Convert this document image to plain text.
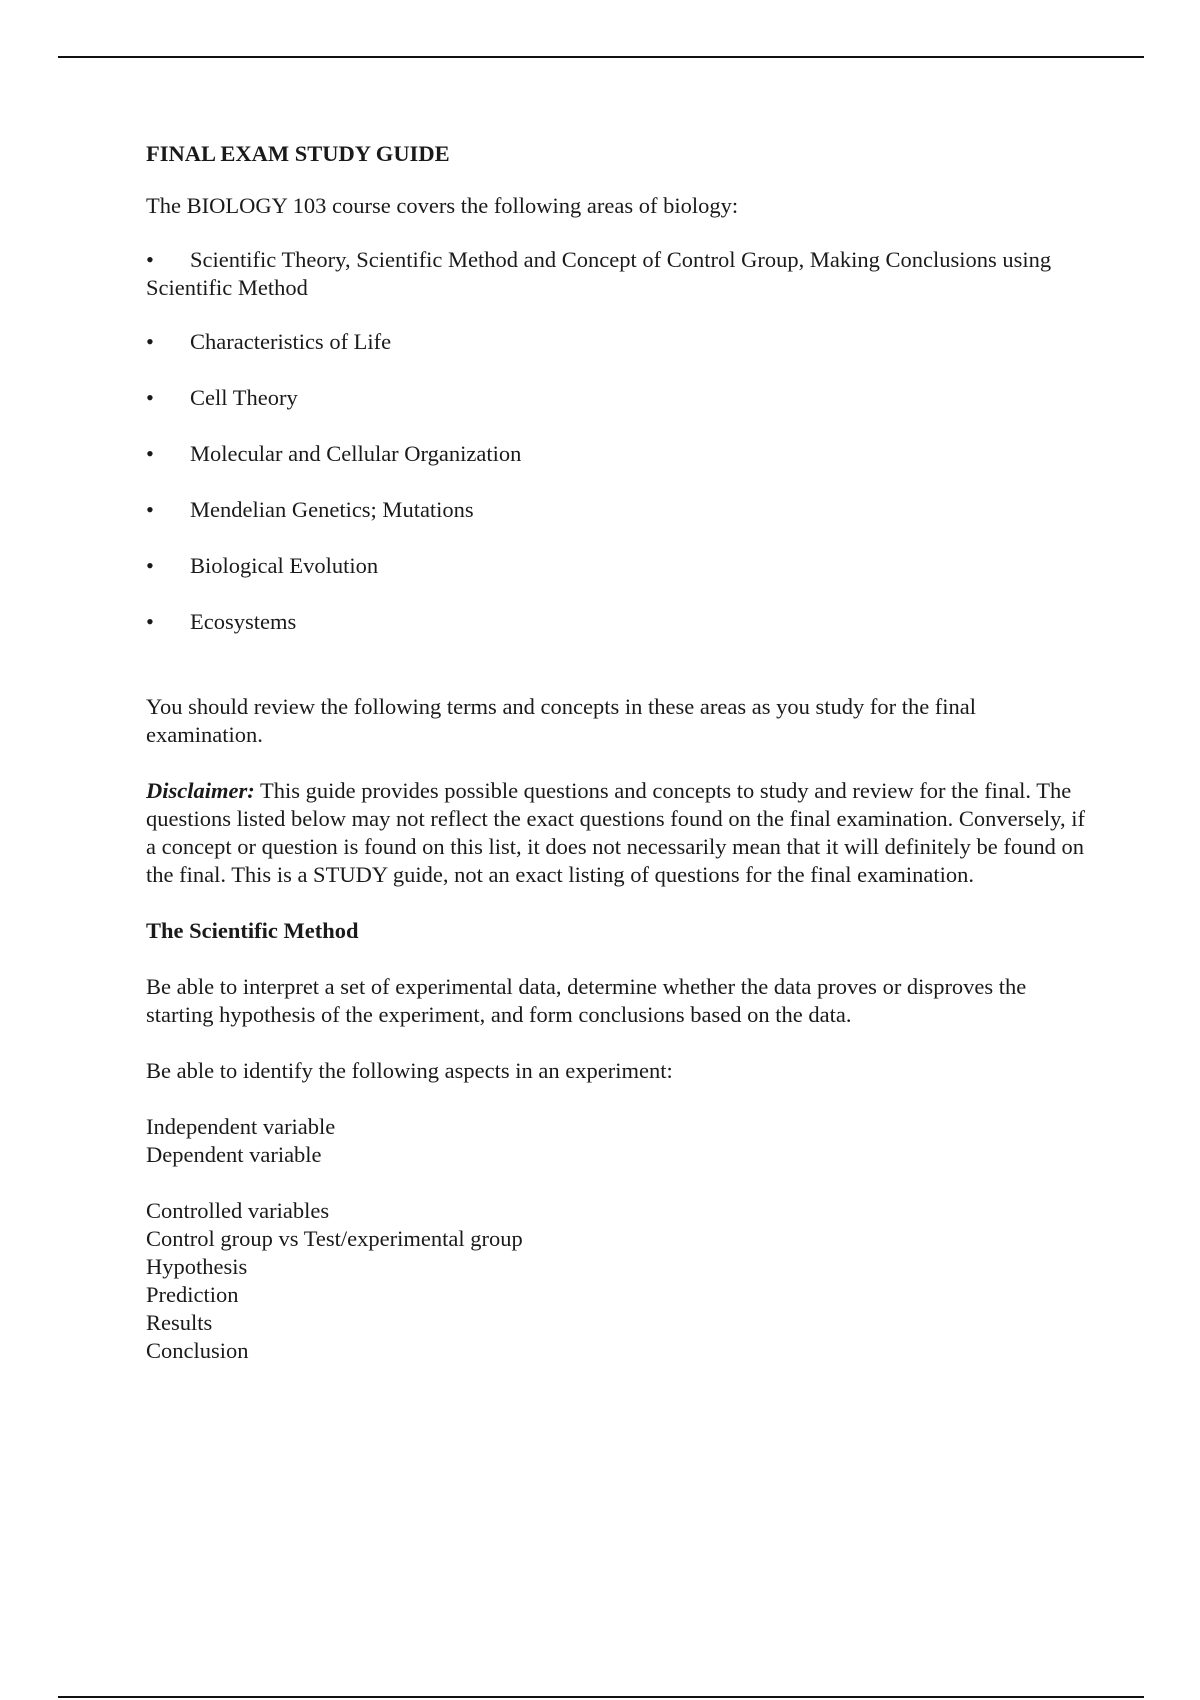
FINAL EXAM STUDY GUIDE

The BIOLOGY 103 course covers the following areas of biology:

• Scientific Theory, Scientific Method and Concept of Control Group, Making Conclusions using Scientific Method
• Characteristics of Life
• Cell Theory
• Molecular and Cellular Organization
• Mendelian Genetics; Mutations
• Biological Evolution
• Ecosystems

You should review the following terms and concepts in these areas as you study for the final examination.

Disclaimer: This guide provides possible questions and concepts to study and review for the final. The questions listed below may not reflect the exact questions found on the final examination. Conversely, if a concept or question is found on this list, it does not necessarily mean that it will definitely be found on the final. This is a STUDY guide, not an exact listing of questions for the final examination.

The Scientific Method

Be able to interpret a set of experimental data, determine whether the data proves or disproves the starting hypothesis of the experiment, and form conclusions based on the data.

Be able to identify the following aspects in an experiment:

Independent variable
Dependent variable
Controlled variables
Control group vs Test/experimental group
Hypothesis
Prediction
Results
Conclusion
